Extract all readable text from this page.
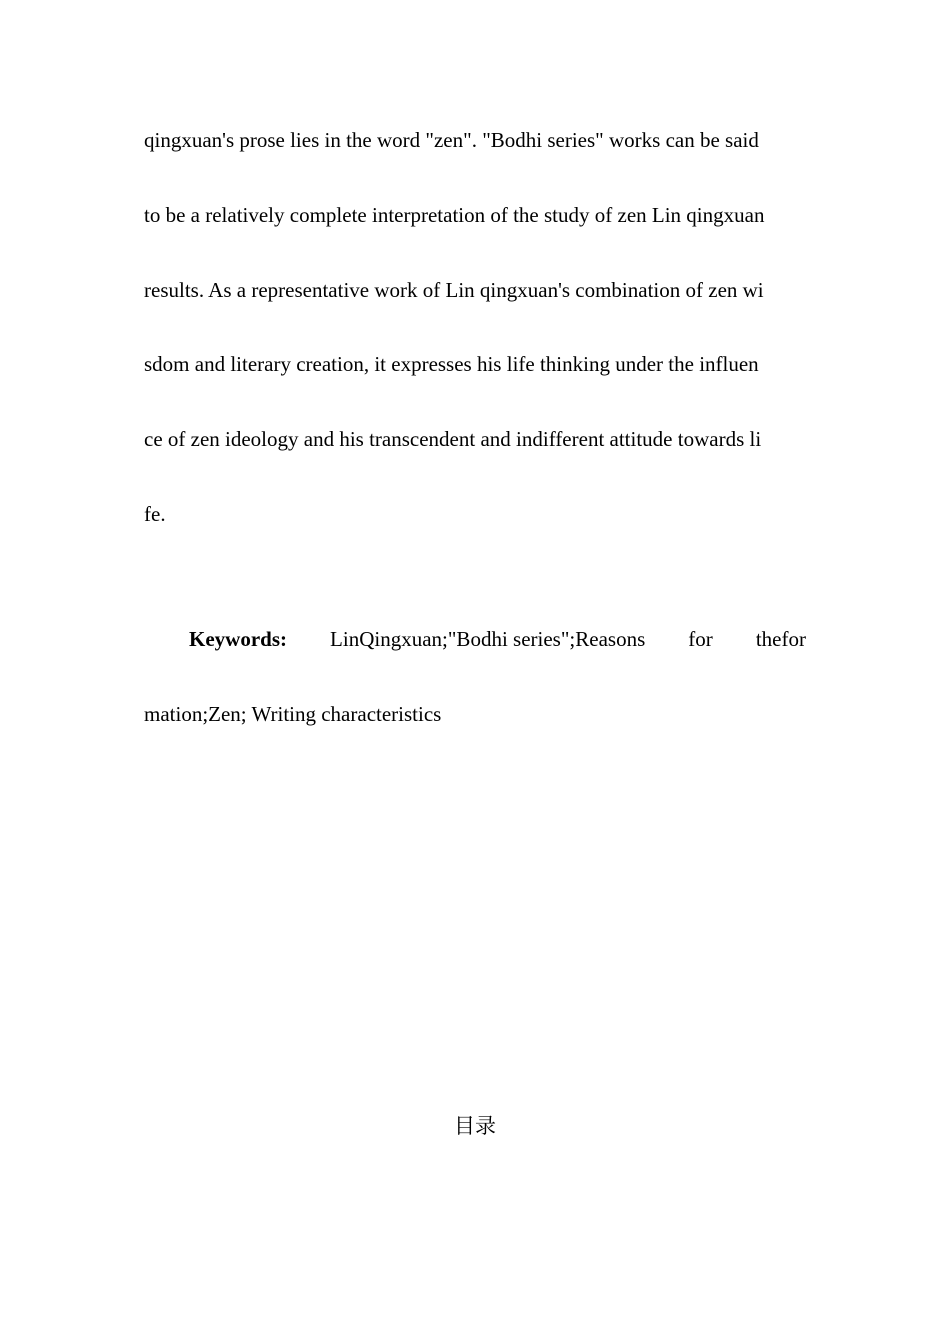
qingxuan's prose lies in the word "zen". "Bodhi series" works can be said
to be a relatively complete interpretation of the study of zen Lin qingxuan
results. As a representative work of Lin qingxuan's combination of zen wi
sdom and literary creation, it expresses his life thinking under the influen
ce of zen ideology and his transcendent and indifferent attitude towards li
fe.
Keywords: LinQingxuan;"Bodhi series";Reasons for thefor
mation;Zen; Writing characteristics
目录
